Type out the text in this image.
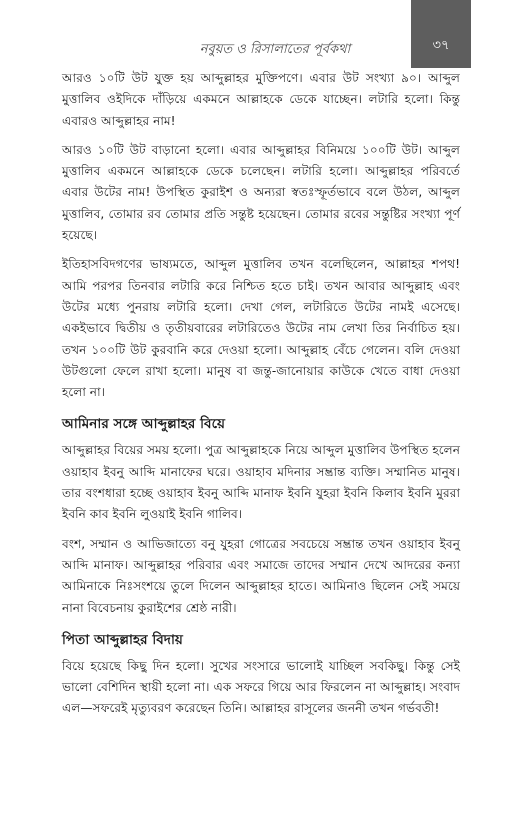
নবুয়ত ও রিসালাতের পূর্বকথা	৩৭

আরও ১০টি উট যুক্ত হয় আব্দুল্লাহর মুক্তিপণে। এবার উট সংখ্যা ৯০। আব্দুল মুত্তালিব ওইদিকে দাঁড়িয়ে একমনে আল্লাহকে ডেকে যাচ্ছেন। লটারি হলো। কিন্তু এবারও আব্দুল্লাহর নাম!

আরও ১০টি উট বাড়ানো হলো। এবার আব্দুল্লাহর বিনিময়ে ১০০টি উট। আব্দুল মুত্তালিব একমনে আল্লাহকে ডেকে চলেছেন। লটারি হলো। আব্দুল্লাহর পরিবর্তে এবার উটের নাম! উপস্থিত কুরাইশ ও অন্যরা স্বতঃস্ফূর্তভাবে বলে উঠল, আব্দুল মুত্তালিব, তোমার রব তোমার প্রতি সন্তুষ্ট হয়েছেন। তোমার রবের সন্তুষ্টির সংখ্যা পূর্ণ হয়েছে।

ইতিহাসবিদগণের ভাষ্যমতে, আব্দুল মুত্তালিব তখন বলেছিলেন, আল্লাহর শপথ! আমি পরপর তিনবার লটারি করে নিশ্চিত হতে চাই। তখন আবার আব্দুল্লাহ এবং উটের মধ্যে পুনরায় লটারি হলো। দেখা গেল, লটারিতে উটের নামই এসেছে। একইভাবে দ্বিতীয় ও তৃতীয়বারের লটারিতেও উটের নাম লেখা তির নির্বাচিত হয়। তখন ১০০টি উট কুরবানি করে দেওয়া হলো। আব্দুল্লাহ বেঁচে গেলেন। বলি দেওয়া উটগুলো ফেলে রাখা হলো। মানুষ বা জন্তু-জানোয়ার কাউকে খেতে বাধা দেওয়া হলো না।

আমিনার সঙ্গে আব্দুল্লাহর বিয়ে

আব্দুল্লাহর বিয়ের সময় হলো। পুত্র আব্দুল্লাহকে নিয়ে আব্দুল মুত্তালিব উপস্থিত হলেন ওয়াহাব ইবনু আব্দি মানাফের ঘরে। ওয়াহাব মদিনার সম্ভ্রান্ত ব্যক্তি। সম্মানিত মানুষ। তার বংশধারা হচ্ছে ওয়াহাব ইবনু আব্দি মানাফ ইবনি যুহরা ইবনি কিলাব ইবনি মুররা ইবনি কাব ইবনি লুওয়াই ইবনি গালিব।

বংশ, সম্মান ও আভিজাত্যে বনু যুহরা গোত্রের সবচেয়ে সম্ভ্রান্ত তখন ওয়াহাব ইবনু আব্দি মানাফ। আব্দুল্লাহর পরিবার এবং সমাজে তাদের সম্মান দেখে আদরের কন্যা আমিনাকে নিঃসংশয়ে তুলে দিলেন আব্দুল্লাহর হাতে। আমিনাও ছিলেন সেই সময়ে নানা বিবেচনায় কুরাইশের শ্রেষ্ঠ নারী।

পিতা আব্দুল্লাহর বিদায়

বিয়ে হয়েছে কিছু দিন হলো। সুখের সংসারে ভালোই যাচ্ছিল সবকিছু। কিন্তু সেই ভালো বেশিদিন স্থায়ী হলো না। এক সফরে গিয়ে আর ফিরলেন না আব্দুল্লাহ। সংবাদ এল—সফরেই মৃত্যুবরণ করেছেন তিনি। আল্লাহর রাসূলের জননী তখন গর্ভবতী!
